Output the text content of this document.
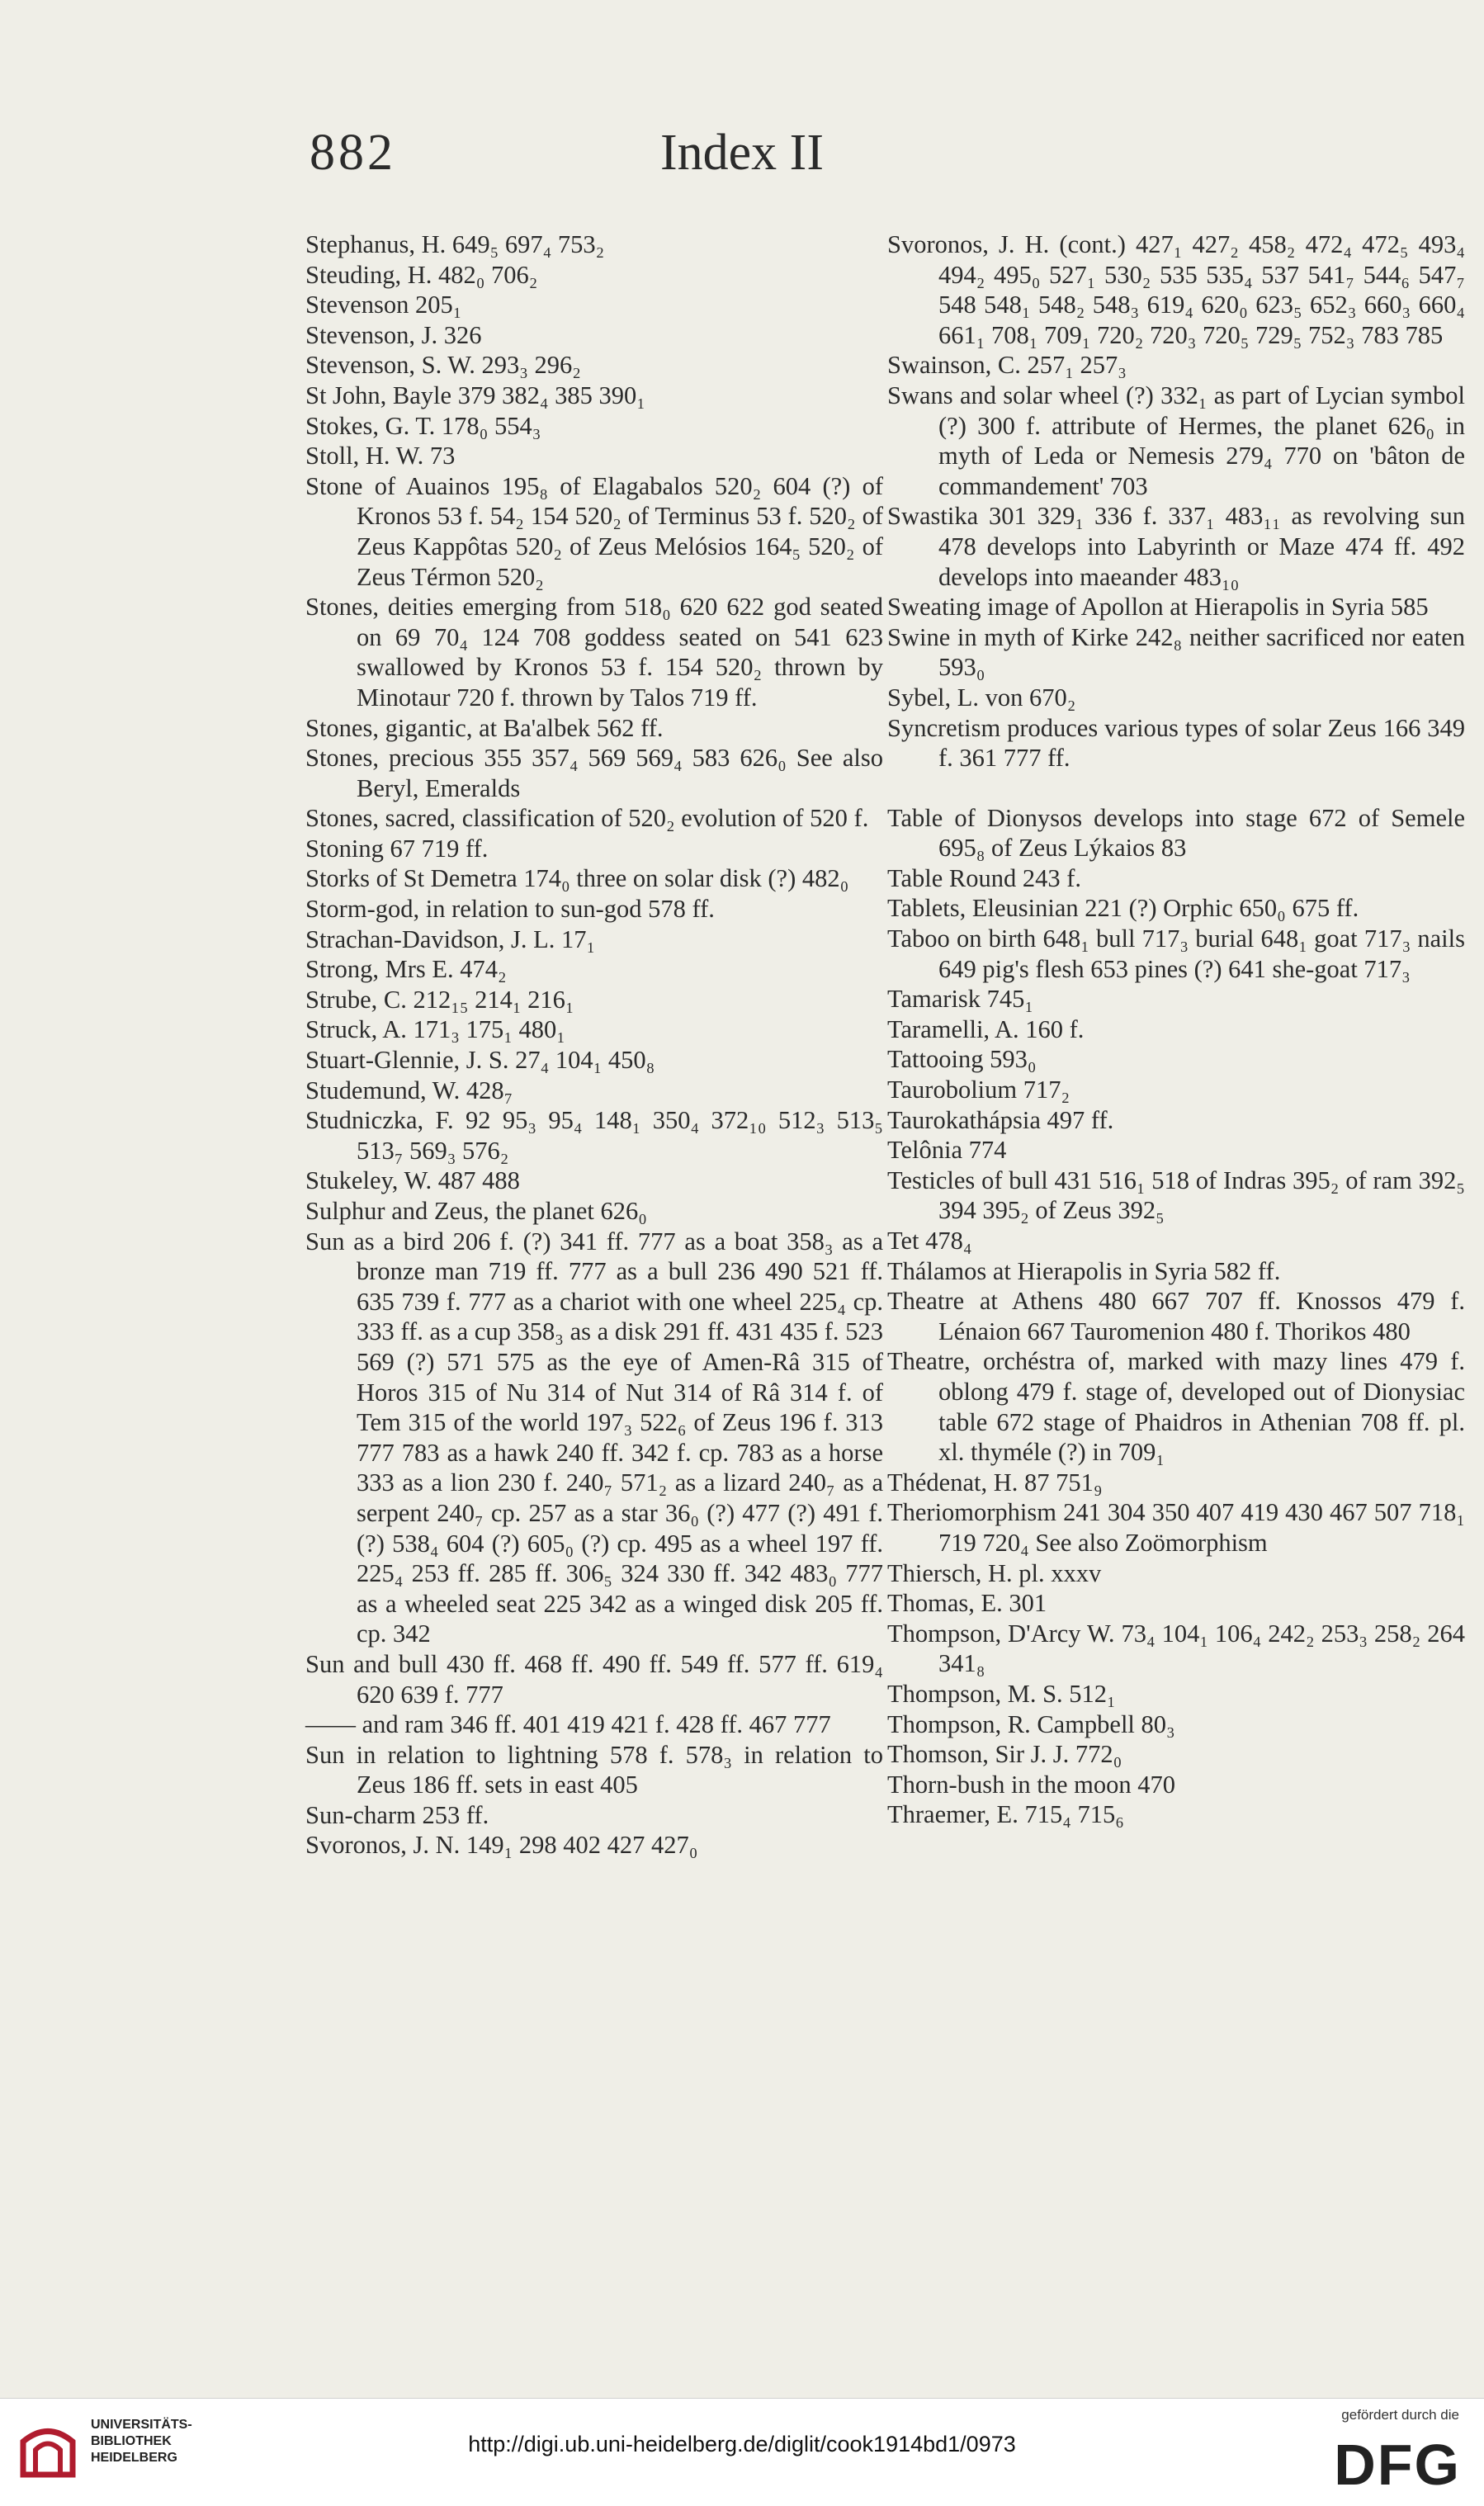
882	Index II
Stephanus, H. 649₅ 697₄ 753₂
Steuding, H. 482₀ 706₂
Stevenson 205₁
Stevenson, J. 326
Stevenson, S. W. 293₃ 296₂
St John, Bayle 379 382₄ 385 390₁
Stokes, G. T. 178₀ 554₃
Stoll, H. W. 73
Stone of Auainos 195₈ of Elagabalos 520₂ 604 (?) of Kronos 53 f. 54₂ 154 520₂ of Terminus 53 f. 520₂ of Zeus Kappôtas 520₂ of Zeus Melósios 164₅ 520₂ of Zeus Térmon 520₂
Stones, deities emerging from 518₀ 620 622 god seated on 69 70₄ 124 708 goddess seated on 541 623 swallowed by Kronos 53 f. 154 520₂ thrown by Minotaur 720 f. thrown by Talos 719 ff.
Stones, gigantic, at Ba'albek 562 ff.
Stones, precious 355 357₄ 569 569₄ 583 626₀ See also Beryl, Emeralds
Stones, sacred, classification of 520₂ evolution of 520 f.
Stoning 67 719 ff.
Storks of St Demetra 174₀ three on solar disk (?) 482₀
Storm-god, in relation to sun-god 578 ff.
Strachan-Davidson, J. L. 17₁
Strong, Mrs E. 474₂
Strube, C. 212₁₅ 214₁ 216₁
Struck, A. 171₃ 175₁ 480₁
Stuart-Glennie, J. S. 27₄ 104₁ 450₈
Studemund, W. 428₇
Studniczka, F. 92 95₃ 95₄ 148₁ 350₄ 372₁₀ 512₃ 513₅ 513₇ 569₃ 576₂
Stukeley, W. 487 488
Sulphur and Zeus, the planet 626₀
Sun as a bird 206 f. (?) 341 ff. 777 as a boat 358₃ as a bronze man 719 ff. 777 as a bull 236 490 521 ff. 635 739 f. 777 as a chariot with one wheel 225₄ cp. 333 ff. as a cup 358₃ as a disk 291 ff. 431 435 f. 523 569 (?) 571 575 as the eye of Amen-Râ 315 of Horos 315 of Nu 314 of Nut 314 of Râ 314 f. of Tem 315 of the world 197₃ 522₆ of Zeus 196 f. 313 777 783 as a hawk 240 ff. 342 f. cp. 783 as a horse 333 as a lion 230 f. 240₇ 571₂ as a lizard 240₇ as a serpent 240₇ cp. 257 as a star 36₀ (?) 477 (?) 491 f. (?) 538₄ 604 (?) 605₀ (?) cp. 495 as a wheel 197 ff. 225₄ 253 ff. 285 ff. 306₅ 324 330 ff. 342 483₀ 777 as a wheeled seat 225 342 as a winged disk 205 ff. cp. 342
Sun and bull 430 ff. 468 ff. 490 ff. 549 ff. 577 ff. 619₄ 620 639 f. 777
—— and ram 346 ff. 401 419 421 f. 428 ff. 467 777
Sun in relation to lightning 578 f. 578₃ in relation to Zeus 186 ff. sets in east 405
Sun-charm 253 ff.
Svoronos, J. N. 149₁ 298 402 427 427₀
Svoronos, J. H. (cont.) 427₁ 427₂ 458₂ 472₄ 472₅ 493₄ 494₂ 495₀ 527₁ 530₂ 535 535₄ 537 541₇ 544₆ 547₇ 548 548₁ 548₂ 548₃ 619₄ 620₀ 623₅ 652₃ 660₃ 660₄ 661₁ 708₁ 709₁ 720₂ 720₃ 720₅ 729₅ 752₃ 783 785
Swainson, C. 257₁ 257₃
Swans and solar wheel (?) 332₁ as part of Lycian symbol (?) 300 f. attribute of Hermes, the planet 626₀ in myth of Leda or Nemesis 279₄ 770 on 'bâton de commandement' 703
Swastika 301 329₁ 336 f. 337₁ 483₁₁ as revolving sun 478 develops into Labyrinth or Maze 474 ff. 492 develops into maeander 483₁₀
Sweating image of Apollon at Hierapolis in Syria 585
Swine in myth of Kirke 242₈ neither sacrificed nor eaten 593₀
Sybel, L. von 670₂
Syncretism produces various types of solar Zeus 166 349 f. 361 777 ff.
Table of Dionysos develops into stage 672 of Semele 695₈ of Zeus Lýkaios 83
Table Round 243 f.
Tablets, Eleusinian 221 (?) Orphic 650₀ 675 ff.
Taboo on birth 648₁ bull 717₃ burial 648₁ goat 717₃ nails 649 pig's flesh 653 pines (?) 641 she-goat 717₃
Tamarisk 745₁
Taramelli, A. 160 f.
Tattooing 593₀
Taurobolium 717₂
Taurokathápsia 497 ff.
Telônia 774
Testicles of bull 431 516₁ 518 of Indras 395₂ of ram 392₅ 394 395₂ of Zeus 392₅
Tet 478₄
Thálamos at Hierapolis in Syria 582 ff.
Theatre at Athens 480 667 707 ff. Knossos 479 f. Lénaion 667 Tauromenion 480 f. Thorikos 480
Theatre, orchéstra of, marked with mazy lines 479 f. oblong 479 f. stage of, developed out of Dionysiac table 672 stage of Phaidros in Athenian 708 ff. pl. xl. thyméle (?) in 709₁
Thédenat, H. 87 751₉
Theriomorphism 241 304 350 407 419 430 467 507 718₁ 719 720₄ See also Zoömorphism
Thiersch, H. pl. xxxv
Thomas, E. 301
Thompson, D'Arcy W. 73₄ 104₁ 106₄ 242₂ 253₃ 258₂ 264 341₈
Thompson, M. S. 512₁
Thompson, R. Campbell 80₃
Thomson, Sir J. J. 772₀
Thorn-bush in the moon 470
Thraemer, E. 715₄ 715₆
UNIVERSITÄTS-
BIBLIOTHEK
HEIDELBERG
http://digi.ub.uni-heidelberg.de/diglit/cook1914bd1/0973
gefördert durch die
DFG
